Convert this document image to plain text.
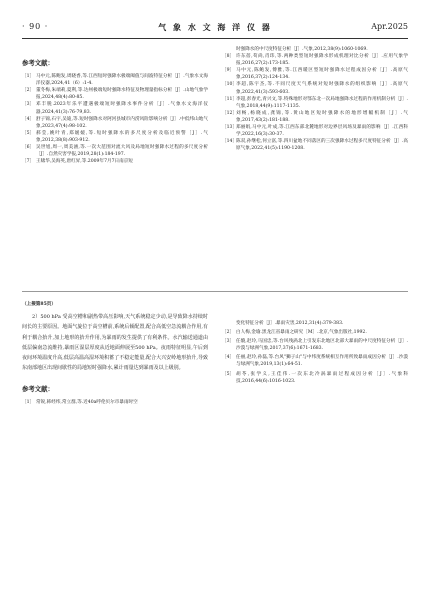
· 90 ·	气 象 水 文 海 洋 仪 器	Apr.2025
参考文献：
［1］ 马中元,陈鲍发,周晓香,等.江西短时强降水极端阈值与间波特征分析［J］.气象水文海洋仪器,2024,41（6）:1-4.
［2］ 董冬梅,朱端莉,夏利,等.达州极端短时强降水特征及物理量指标分析［J］.山地气象学报,2024,48(4):80-85.
［3］ 邓丰脱.2023年乐平遭遇极端短时强降水事件分析［J］.气象水文海洋仪器,2024,41(3):76-79,83.
［4］ 舒子锦,石宇,吴迪,等.短时强降水对阿河县城市内涝风险影响分析［J］.中低纬山地气象,2023,47(4):98-102.
［5］ 郝莹,姚叶青,郑媛媛,等.短时强降水的多尺度分析及临近预警［J］.气象,2012,38(8):903-912.
［6］ 吴世旭,周一,周美涵,等.一次大范围对流大风及局地短时强降水过程的多尺度分析［J］.自然灾害学报,2019,28(1):184-197.
［7］ 王啸华,吴海英,唐红昇,等.2009年7月7日南京短
时强降水的中尺度特征分析［J］.气象,2012,38(9):1060-1069.
［8］ 许东蓓,苟尚,肖玮,等.两种类型短时强降水形成机理对比分析［J］.应用气象学报,2016,27(2):173-185.
［9］ 马中元,陈鲍发,傅雅,等.江西暖区型短时强降水过程成因分析［J］.高原气象,2016,37(2):124-134.
［10］
李超,陈宇杰,等.不同尺度天气系统对短时强降水的组织影响［J］.高原气象,2022,41(3):593-603.
［11］
李超,彭春光,青兴文,等.特殊地形对鄂东北一次局地强降水过程的作用机制分析［J］.气象,2018,44(9):1117-1135.
［12］
刘畅,杨晓成,龚锦,等.黄山地区短时强降水的地形增幅机制［J］.气象,2017,43(2):181-188.
［13］
郑丽娟,马中元,叶成,等.江西东部北麓地形对边界层风场及暴雨的影响［J］.江西科学,2022,16(3):30-37.
［14］
陈双,孙继松,何立富,等.四川盆地不同落区的三次强降水过程多尺度特征分析［J］.高原气象,2022,41(5):1190-1208.
（上接第85页）

2）500 hPa 受高空槽和副热带高压影响,天气系统稳定少动,是导致降水持续时间长的主要原因。地面气旋位于高空槽前,系统后倾配置,配合高低空急流耦合作用,有利于耦合抬升,加上地形的抬升作用,为暴雨的发生提供了有利条件。水汽输送通道由低层偏南急流维持,暴雨区湿层厚度从近地面伸展至500 hPa。夜雨特征明显,午后到夜间环境温度升高,低层高温高湿环境积蓄了不稳定能量,配合大兴安岭地形抬升,导致东南部地区出现间歇性的局地短时强降水,累计雨量达到暴雨及以上级别。

参考文献：
［1］ 常锐,韩经纬,常立群,等.近40a呼伦贝尔市暴雨时空
变化特征分析［J］.暴雨灾害,2012,31(4):379-383.
［2］ 白人梅,金瑜.黑龙江省暴雨之研究［M］.北京,气象出版社,1992.
［3］ 任璇,赵玲,马国忠,等.台风残涡北上引发东北地区北部大暴雨的中尺度特征分析［J］.沙漠与绿洲气象,2017,37(6):1671-1683.
［4］ 任丽,赵玲,孙磊,等.台风"狮子山"与中纬度系统相互作用所致暴雨成因分析［J］.沙漠与绿洲气象,2019,13(1):64-51.
［5］ 胡苓,张学义,王佳伟.一次东北冷涡暴雨过程成因分析［J］.气象科技,2016,44(6):1016-1023.
